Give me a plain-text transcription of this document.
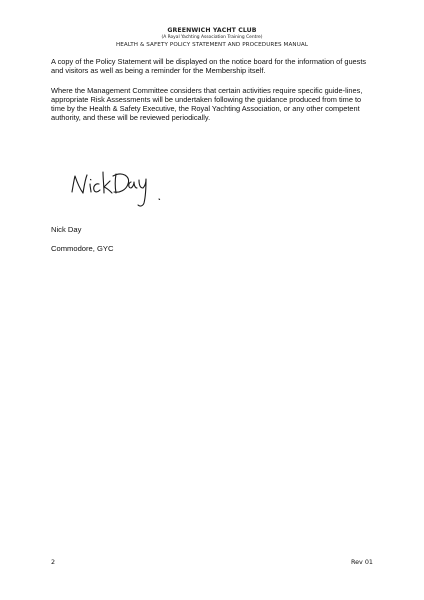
GREENWICH YACHT CLUB
(A Royal Yachting Association Training Centre)
HEALTH & SAFETY POLICY STATEMENT AND PROCEDURES MANUAL
A copy of the Policy Statement will be displayed on the notice board for the information of guests and visitors as well as being a reminder for the Membership itself.
Where the Management Committee considers that certain activities require specific guide-lines, appropriate Risk Assessments will be undertaken following the guidance produced from time to time by the Health & Safety Executive, the Royal Yachting Association, or any other competent authority, and these will be reviewed periodically.
Nick Day
Commodore, GYC
2	Rev 01
